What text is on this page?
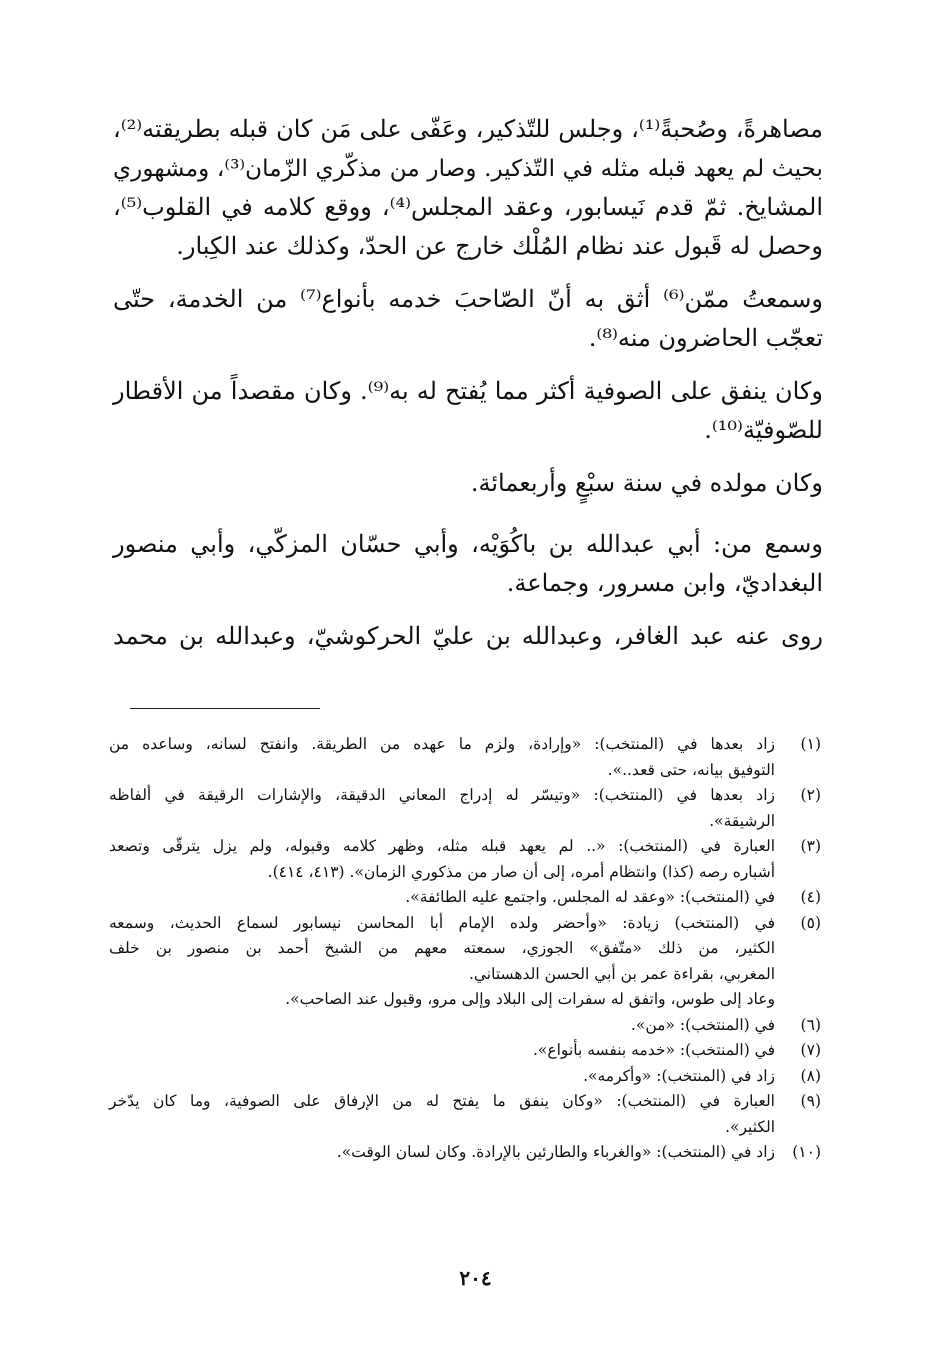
مصاهرةً، وصُحبةً⁽¹⁾، وجلس للتّذكير، وعَفّى على مَن كان قبله بطريقته⁽²⁾،
بحيث لم يعهد قبله مثله في التّذكير. وصار من مذكّري الزّمان⁽³⁾، ومشهوري
المشايخ. ثمّ قدم نَيسابور، وعقد المجلس⁽⁴⁾، ووقع كلامه في القلوب⁽⁵⁾،
وحصل له قَبول عند نظام المُلْك خارج عن الحدّ، وكذلك عند الكِبار.
وسمعتُ ممّن⁽⁶⁾ أثق به أنّ الصّاحبَ خدمه بأنواع⁽⁷⁾ من الخدمة، حتّى
تعجّب الحاضرون منه⁽⁸⁾.
وكان ينفق على الصوفية أكثر مما يُفتح له به⁽⁹⁾. وكان مقصداً من الأقطار
للصّوفيّة⁽¹⁰⁾.
وكان مولده في سنة سبْعٍ وأربعمائة.
وسمع من: أبي عبدالله بن باكُوَيْه، وأبي حسّان المزكّي، وأبي منصور
البغداديّ، وابن مسرور، وجماعة.
روى عنه عبد الغافر، وعبدالله بن عليّ الحركوشيّ، وعبدالله بن محمد
(١)
زاد بعدها في (المنتخب): «وإرادة، ولزم ما عهده من الطريقة. وانفتح لسانه، وساعده من
التوفيق بيانه، حتى قعد..».
(٢)
زاد بعدها في (المنتخب): «وتيسّر له إدراج المعاني الدقيقة، والإشارات الرقيقة في ألفاظه
الرشيقة».
(٣)
العبارة في (المنتخب): «.. لم يعهد قبله مثله، وظهر كلامه وقبوله، ولم يزل يترقّى وتصعد
أشباره رصه (كذا) وانتظام أمره، إلى أن صار من مذكوري الزمان». (٤١٣، ٤١٤).
(٤)
في (المنتخب): «وعقد له المجلس. واجتمع عليه الطائفة».
(٥)
في (المنتخب) زيادة: «وأحضر ولده الإمام أبا المحاسن نيسابور لسماع الحديث، وسمعه
الكثير، من ذلك «متّفق» الجوزي، سمعته معهم من الشيخ أحمد بن منصور بن خلف
المغربي، بقراءة عمر بن أبي الحسن الدهستاني.
وعاد إلى طوس، واتفق له سفرات إلى البلاد وإلى مرو، وقبول عند الصاحب».
(٦)
في (المنتخب): «من».
(٧)
في (المنتخب): «خدمه بنفسه بأنواع».
(٨)
زاد في (المنتخب): «وأكرمه».
(٩)
العبارة في (المنتخب): «وكان ينفق ما يفتح له من الإرفاق على الصوفية، وما كان يدّخر
الكثير».
(١٠)
زاد في (المنتخب): «والغرباء والطارئين بالإرادة. وكان لسان الوقت».
٢٠٤
